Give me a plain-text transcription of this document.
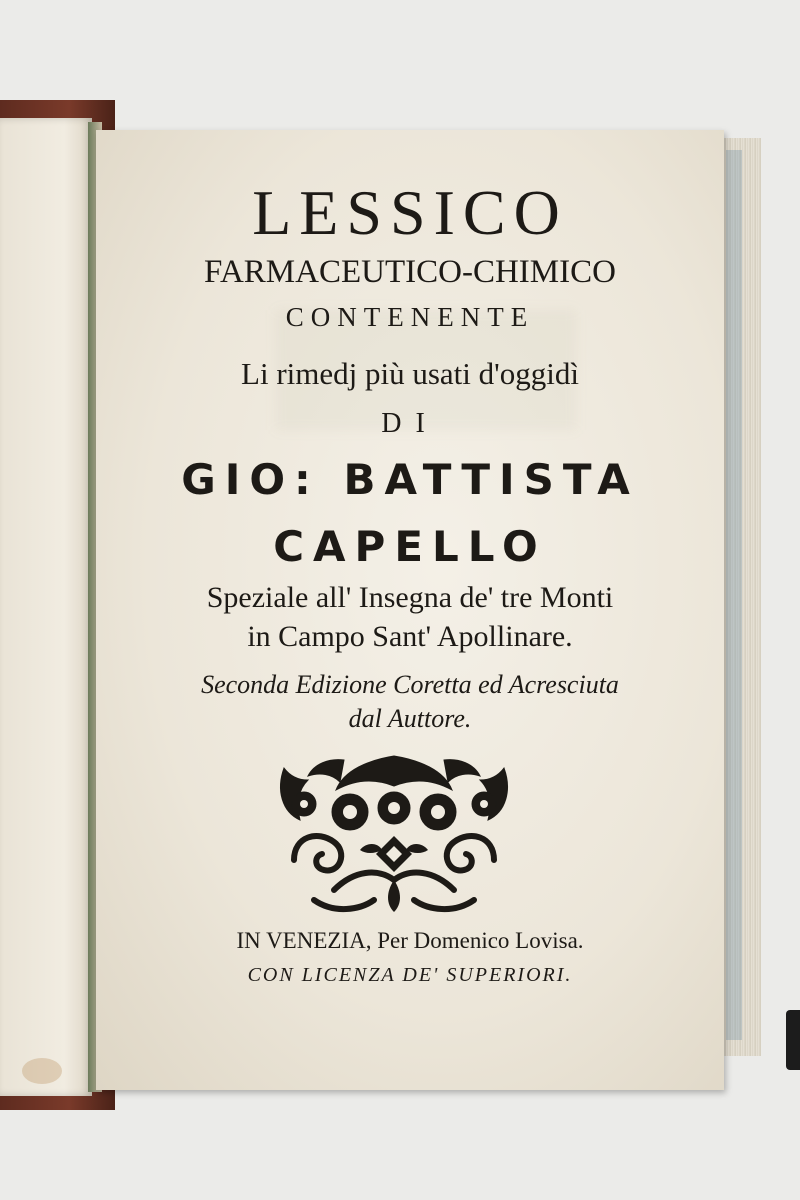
LESSICO
FARMACEUTICO-CHIMICO
CONTENENTE
Li rimedj più usati d'oggidì
DI
GIO: BATTISTA
CAPELLO
Speziale all' Insegna de' tre Monti
in Campo Sant' Apollinare.
Seconda Edizione Coretta ed Acresciuta
dal Auttore.
IN VENEZIA, Per Domenico Lovisa.
CON LICENZA DE' SUPERIORI.
